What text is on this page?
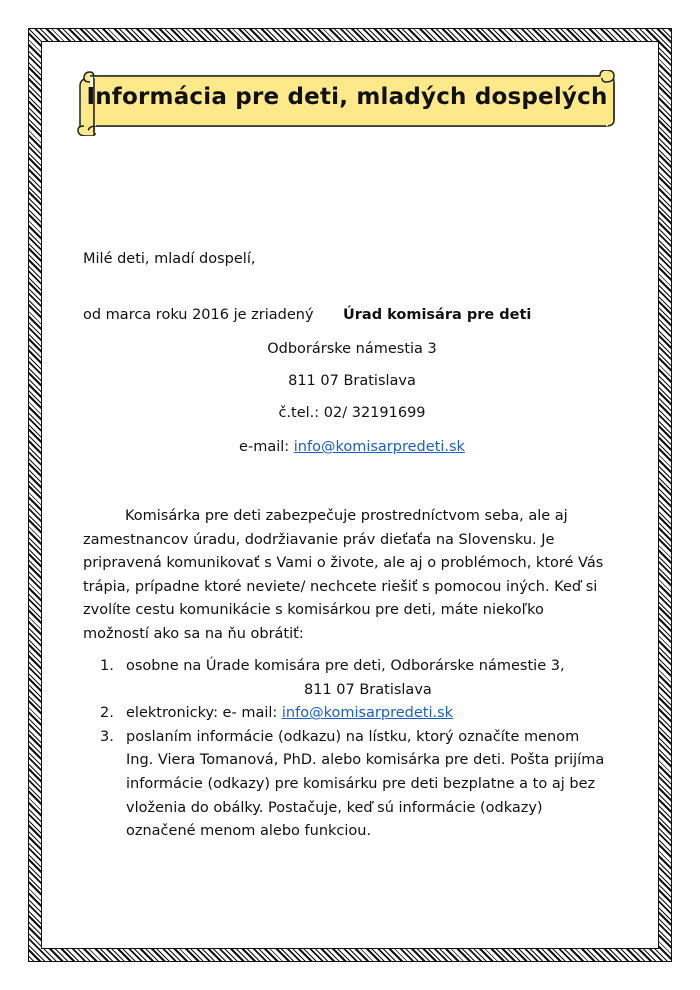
Informácia pre deti, mladých dospelých
Milé deti, mladí dospelí,
od marca roku 2016 je zriadený Úrad komisára pre deti
Odborárske námestia 3
811 07 Bratislava
č.tel.: 02/ 32191699
e-mail: info@komisarpredeti.sk
Komisárka pre deti zabezpečuje prostredníctvom seba, ale aj
zamestnancov úradu, dodržiavanie práv dieťaťa na Slovensku. Je
pripravená komunikovať s Vami o živote, ale aj o problémoch, ktoré Vás
trápia, prípadne ktoré neviete/ nechcete riešiť s pomocou iných. Keď si
zvolíte cestu komunikácie s komisárkou pre deti, máte niekoľko
možností ako sa na ňu obrátiť:
1. osobne na Úrade komisára pre deti, Odborárske námestie 3,
811 07 Bratislava
2. elektronicky: e- mail: info@komisarpredeti.sk
3. poslaním informácie (odkazu) na lístku, ktorý označíte menom
Ing. Viera Tomanová, PhD. alebo komisárka pre deti. Pošta prijíma
informácie (odkazy) pre komisárku pre deti bezplatne a to aj bez
vloženia do obálky. Postačuje, keď sú informácie (odkazy)
označené menom alebo funkciou.
